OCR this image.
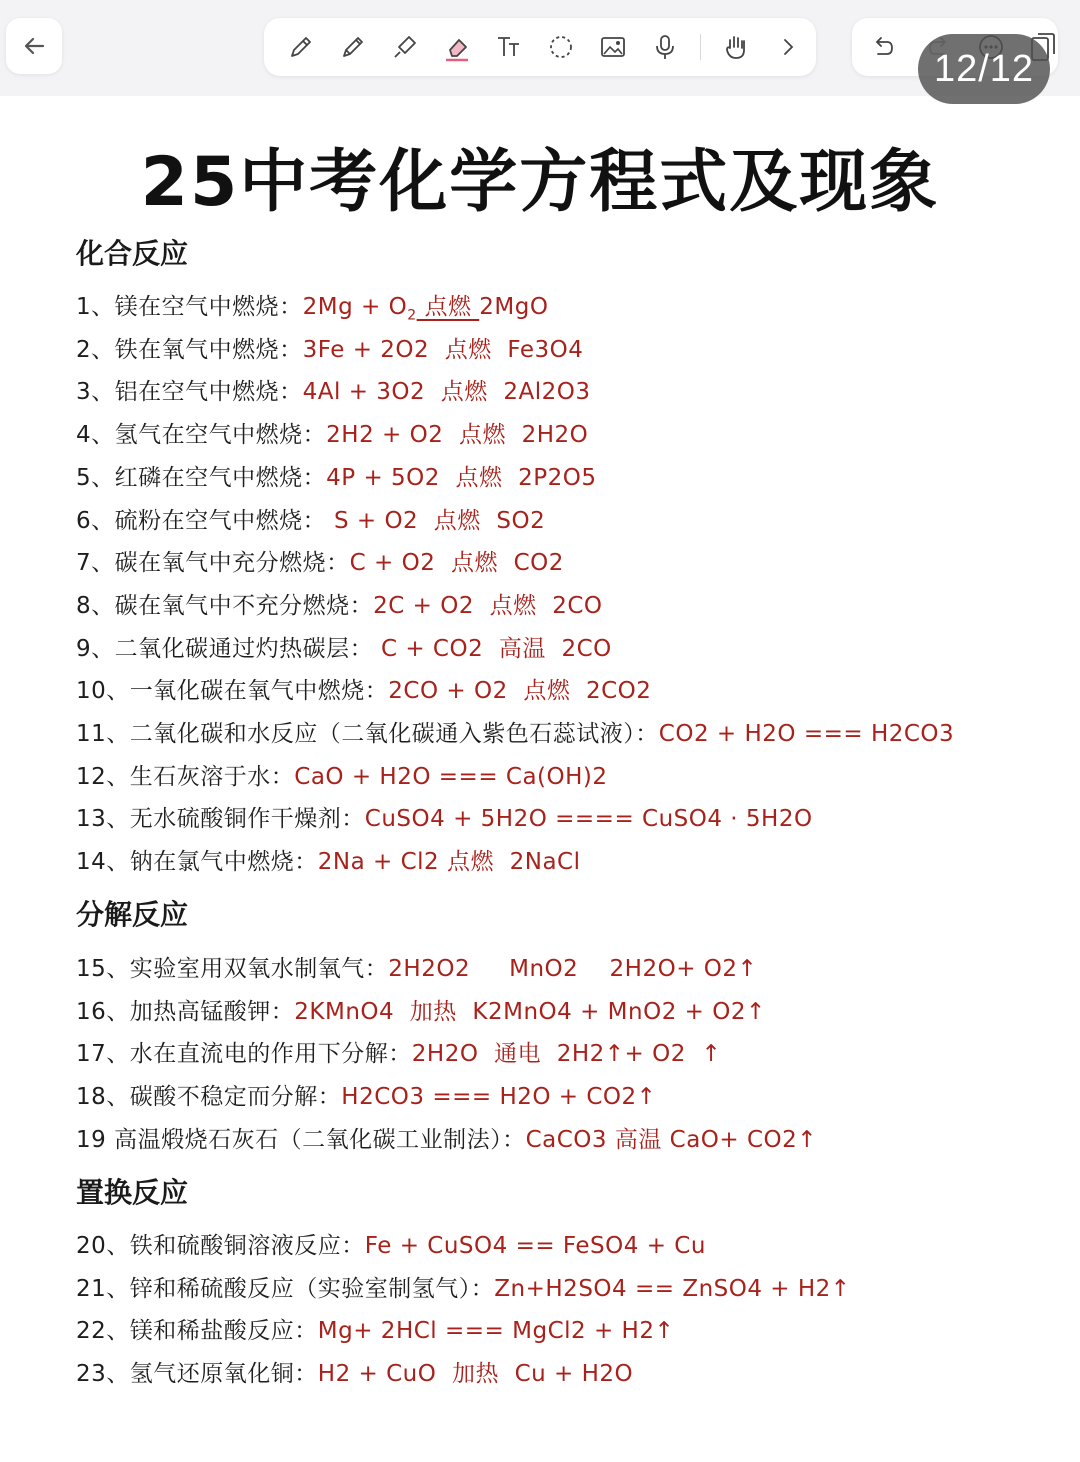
12/12
25中考化学方程式及现象
化合反应
1、镁在空气中燃烧：$2Mg + O_2$ 点燃 2MgO
2、铁在氧气中燃烧：3Fe + 2O2  点燃  Fe3O4
3、铝在空气中燃烧：4Al + 3O2  点燃  2Al2O3
4、氢气在空气中燃烧：2H2 + O2  点燃  2H2O
5、红磷在空气中燃烧：4P + 5O2  点燃  2P2O5
6、硫粉在空气中燃烧： S + O2  点燃  SO2
7、碳在氧气中充分燃烧：C + O2  点燃  CO2
8、碳在氧气中不充分燃烧：2C + O2  点燃  2CO
9、二氧化碳通过灼热碳层： C + CO2  高温  2CO
10、一氧化碳在氧气中燃烧：2CO + O2  点燃  2CO2
11、二氧化碳和水反应（二氧化碳通入紫色石蕊试液）：CO2 + H2O === H2CO3
12、生石灰溶于水：CaO + H2O === Ca(OH)2
13、无水硫酸铜作干燥剂：CuSO4 + 5H2O ==== CuSO4 · 5H2O
14、钠在氯气中燃烧：2Na + Cl2 点燃  2NaCl
分解反应
15、实验室用双氧水制氧气：2H2O2     MnO2    2H2O+ O2↑
16、加热高锰酸钾：2KMnO4  加热  K2MnO4 + MnO2 + O2↑
17、水在直流电的作用下分解：2H2O  通电  2H2↑+ O2  ↑
18、碳酸不稳定而分解：H2CO3 === H2O + CO2↑
19 高温煅烧石灰石（二氧化碳工业制法）：CaCO3 高温 CaO+ CO2↑
置换反应
20、铁和硫酸铜溶液反应：Fe + CuSO4 == FeSO4 + Cu
21、锌和稀硫酸反应（实验室制氢气）：Zn+H2SO4 == ZnSO4 + H2↑
22、镁和稀盐酸反应：Mg+ 2HCl === MgCl2 + H2↑
23、氢气还原氧化铜：H2 + CuO  加热  Cu + H2O
